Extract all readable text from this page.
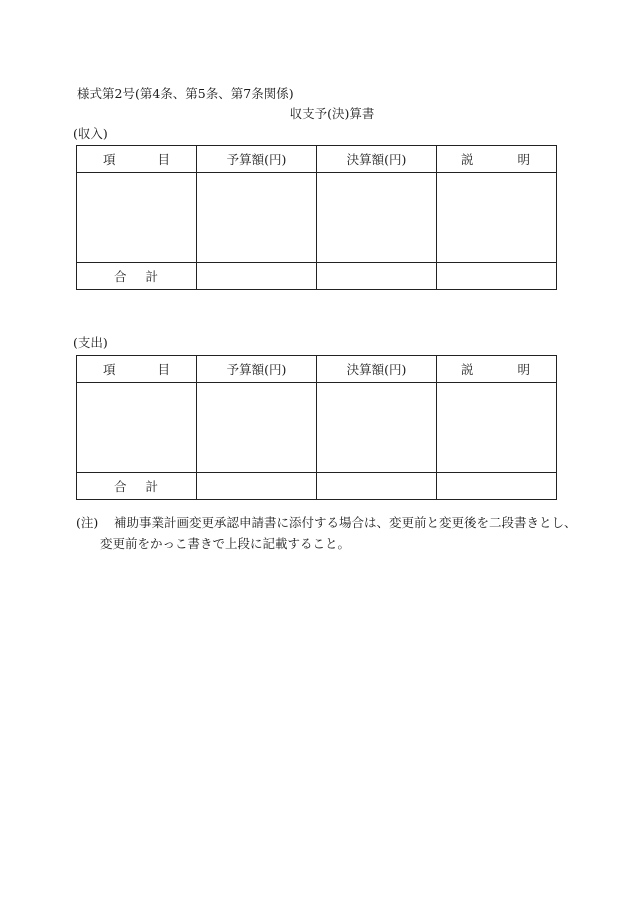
様式第2号(第4条、第5条、第7条関係)
収支予(決)算書
(収入)
項 目	予算額(円)	決算額(円)	説 明

合 計			

(支出)
項 目	予算額(円)	決算額(円)	説 明

合 計			

(注) 補助事業計画変更承認申請書に添付する場合は、変更前と変更後を二段書きとし、
変更前をかっこ書きで上段に記載すること。
